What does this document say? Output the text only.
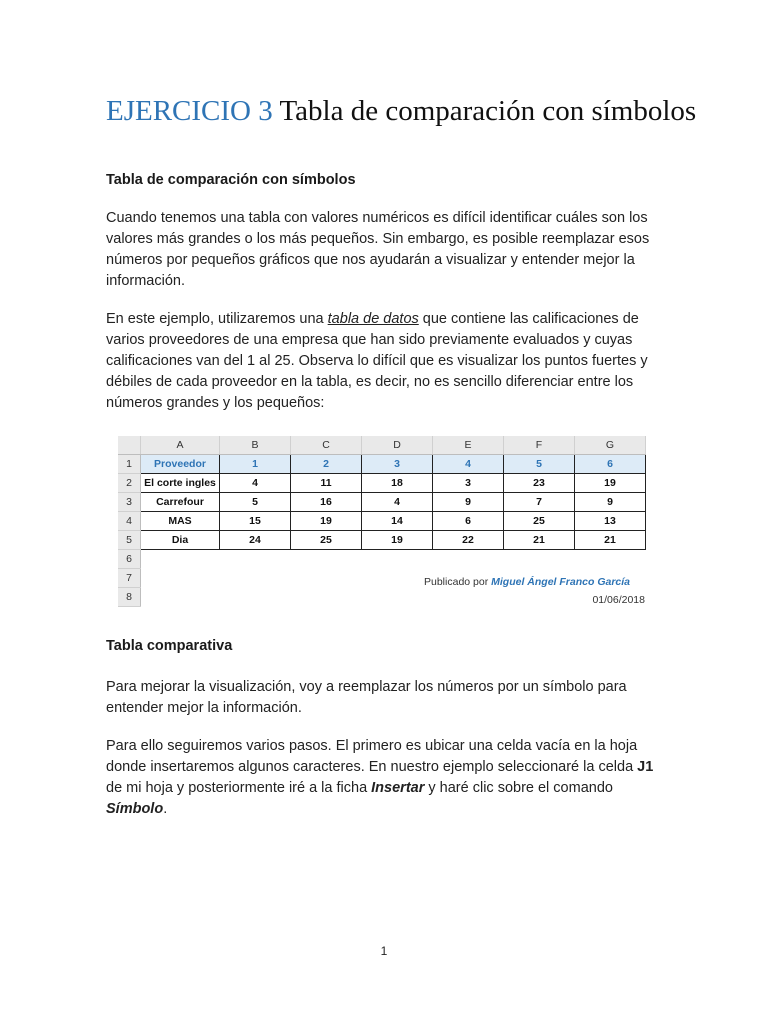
EJERCICIO 3 Tabla de comparación con símbolos
Tabla de comparación con símbolos

Cuando tenemos una tabla con valores numéricos es difícil identificar cuáles son los valores más grandes o los más pequeños. Sin embargo, es posible reemplazar esos números por pequeños gráficos que nos ayudarán a visualizar y entender mejor la información.

En este ejemplo, utilizaremos una tabla de datos que contiene las calificaciones de varios proveedores de una empresa que han sido previamente evaluados y cuyas calificaciones van del 1 al 25. Observa lo difícil que es visualizar los puntos fuertes y débiles de cada proveedor en la tabla, es decir, no es sencillo diferenciar entre los números grandes y los pequeños:

	A	B	C	D	E	F	G
1	Proveedor	1	2	3	4	5	6
2	El corte ingles	4	11	18	3	23	19
3	Carrefour	5	16	4	9	7	9
4	MAS	15	19	14	6	25	13
5	Dia	24	25	19	22	21	21
6							
7							
8							
Publicado por Miguel Ángel Franco García
01/06/2018
Tabla comparativa

Para mejorar la visualización, voy a reemplazar los números por un símbolo para entender mejor la información.

Para ello seguiremos varios pasos. El primero es ubicar una celda vacía en la hoja donde insertaremos algunos caracteres. En nuestro ejemplo seleccionaré la celda J1 de mi hoja y posteriormente iré a la ficha Insertar y haré clic sobre el comando Símbolo.

1
